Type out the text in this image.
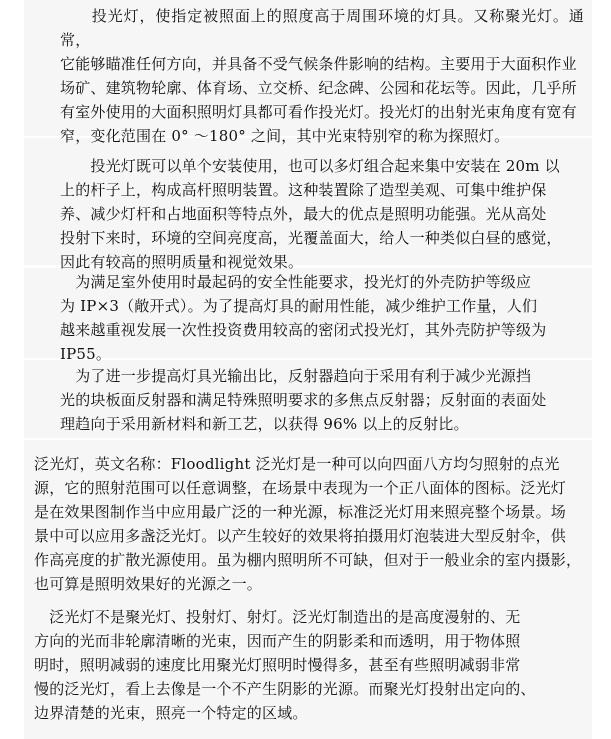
　　投光灯，使指定被照面上的照度高于周围环境的灯具。又称聚光灯。通常，
它能够瞄准任何方向，并具备不受气候条件影响的结构。主要用于大面积作业
场矿、建筑物轮廓、体育场、立交桥、纪念碑、公园和花坛等。因此，几乎所
有室外使用的大面积照明灯具都可看作投光灯。投光灯的出射光束角度有宽有
窄，变化范围在 0° ～180° 之间，其中光束特别窄的称为探照灯。
　　投光灯既可以单个安装使用，也可以多灯组合起来集中安装在 20m 以
上的杆子上，构成高杆照明装置。这种装置除了造型美观、可集中维护保
养、减少灯杆和占地面积等特点外，最大的优点是照明功能强。光从高处
投射下来时，环境的空间亮度高，光覆盖面大，给人一种类似白昼的感觉，
因此有较高的照明质量和视觉效果。
　为满足室外使用时最起码的安全性能要求，投光灯的外壳防护等级应
为 IP×3（敞开式）。为了提高灯具的耐用性能，减少维护工作量，人们
越来越重视发展一次性投资费用较高的密闭式投光灯，其外壳防护等级为
IP55。
　为了进一步提高灯具光输出比，反射器趋向于采用有利于减少光源挡
光的块板面反射器和满足特殊照明要求的多焦点反射器；反射面的表面处
理趋向于采用新材料和新工艺，以获得 96% 以上的反射比。
泛光灯，英文名称：Floodlight 泛光灯是一种可以向四面八方均匀照射的点光
源，它的照射范围可以任意调整，在场景中表现为一个正八面体的图标。泛光灯
是在效果图制作当中应用最广泛的一种光源，标准泛光灯用来照亮整个场景。场
景中可以应用多盏泛光灯。以产生较好的效果将拍摄用灯泡装进大型反射伞，供
作高亮度的扩散光源使用。虽为棚内照明所不可缺，但对于一般业余的室内摄影，
也可算是照明效果好的光源之一。
　泛光灯不是聚光灯、投射灯、射灯。泛光灯制造出的是高度漫射的、无
方向的光而非轮廓清晰的光束，因而产生的阴影柔和而透明，用于物体照
明时，照明减弱的速度比用聚光灯照明时慢得多，甚至有些照明减弱非常
慢的泛光灯，看上去像是一个不产生阴影的光源。而聚光灯投射出定向的、
边界清楚的光束，照亮一个特定的区域。
